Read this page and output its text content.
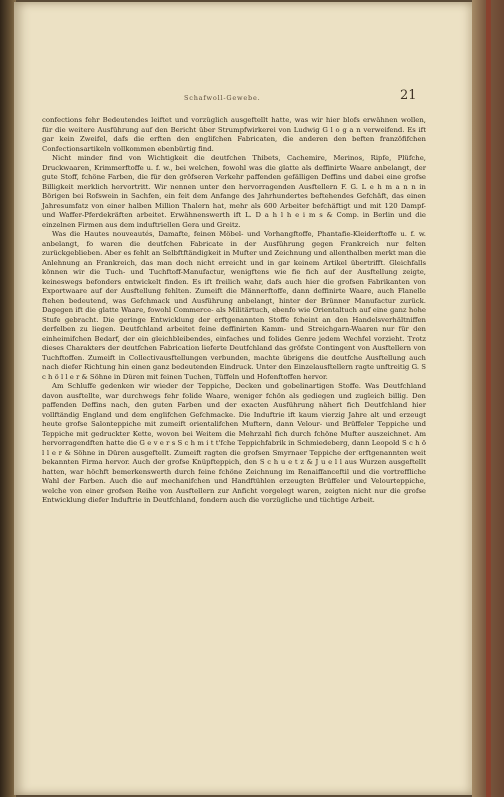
Schafwoll-Gewebe.	21

confections fehr Bedeutendes leiftet und vorzüglich ausgeftellt hatte, was wir hier blofs erwähnen wollen, für die weitere Ausführung auf den Bericht über Strumpfwirkerei von Ludwig G l o g a n verweifend. Es ift gar kein Zweifel, dafs die erften den englifchen Fabricaten, die anderen den beften franzöfifchen Confectionsartikeln vollkommen ebenbürtig find.

Nicht minder find von Wichtigkeit die deutfchen Thibets, Cachemire, Merinos, Ripfe, Plüfche, Druckwaaren, Krimmerftoffe u. f. w., bei welchen, fowohl was die glatte als deffinirte Waare anbelangt, der gute Stoff, fchöne Farben, die für den gröfseren Verkehr paffenden gefälligen Deffins und dabei eine grofse Billigkeit merklich hervortritt. Wir nennen unter den hervorragenden Ausftellern F. G. L e h m a n n in Börigen bei Rofswein in Sachfen, ein feit dem Anfange des Jahrhundertes beftehendes Gefchäft, das einen Jahresumfatz von einer halben Million Thalern hat, mehr als 600 Arbeiter befchäftigt und mit 120 Dampf- und Waffer-Pferdekräften arbeitet. Erwähnenswerth ift L. D a h l h e i m s & Comp. in Berlin und die einzelnen Firmen aus dem induftriellen Gera und Greitz.

Was die Hautes nouveautés, Damafte, feinen Möbel- und Vorhangftoffe, Phantafie-Kleiderftoffe u. f. w. anbelangt, fo waren die deutfchen Fabricate in der Ausführung gegen Frankreich nur felten zurückgeblieben. Aber es fehlt an Selbftftändigkeit in Mufter und Zeichnung und allenthalben merkt man die Anlehnung an Frankreich, das man doch nicht erreicht und in gar keinem Artikel übertrifft. Gleichfalls können wir die Tuch- und Tuchftoff-Manufactur, wenigftens wie fie fich auf der Ausftellung zeigte, keineswegs befonders entwickelt finden. Es ift freilich wahr, dafs auch hier die grofsen Fabrikanten von Exportwaare auf der Ausftellung fehlten. Zumeift die Männerftoffe, dann deffinirte Waare, auch Flanelle ftehen bedeutend, was Gefchmack und Ausführung anbelangt, hinter der Brünner Manufactur zurück. Dagegen ift die glatte Waare, fowohl Commerce- als Militärtuch, ebenfo wie Orientaltuch auf eine ganz hohe Stufe gebracht. Die geringe Entwicklung der erftgenannten Stoffe fcheint an den Handelsverhältniffen derfelben zu liegen. Deutfchland arbeitet feine deffinirten Kamm- und Streichgarn-Waaren nur für den einheimifchen Bedarf, der ein gleichbleibendes, einfaches und folides Genre jedem Wechfel vorzieht. Trotz dieses Charakters der deutfchen Fabrication lieferte Deutfchland das gröfste Contingent von Ausftellern von Tuchftoffen. Zumeift in Collectivausftellungen verbunden, machte übrigens die deutfche Ausftellung auch nach diefer Richtung hin einen ganz bedeutenden Eindruck. Unter den Einzelausftellern ragte unftreitig G. S c h ö l l e r & Söhne in Düren mit feinen Tuchen, Tüffeln und Hofenftoffen hervor.

Am Schluffe gedenken wir wieder der Teppiche, Decken und gobelinartigen Stoffe. Was Deutfchland davon ausftellte, war durchwegs fehr folide Waare, weniger fchön als gediegen und zugleich billig. Den paffenden Deffins nach, den guten Farben und der exacten Ausführung nähert fich Deutfchland hier vollftändig England und dem englifchen Gefchmacke. Die Induftrie ift kaum vierzig Jahre alt und erzeugt heute grofse Salonteppiche mit zumeift orientalifchen Muftern, dann Velour- und Brüffeler Teppiche und Teppiche mit gedruckter Kette, wovon bei Weitem die Mehrzahl fich durch fchöne Mufter auszeichnet. Am hervorragendften hatte die G e v e r s S c h m i t t'fche Teppichfabrik in Schmiedeberg, dann Leopold S c h ö l l e r & Söhne in Düren ausgeftellt. Zumeift ragten die grofsen Smyrnaer Teppiche der erftgenannten weit bekannten Firma hervor. Auch der grofse Knüpfteppich, den S c h u e t z & J u e l l aus Wurzen ausgeftellt hatten, war höchft bemerkenswerth durch feine fchöne Zeichnung im Renaiffanceftil und die vortreffliche Wahl der Farben. Auch die auf mechanifchen und Handftühlen erzeugten Brüffeler und Velourteppiche, welche von einer grofsen Reihe von Ausftellern zur Anficht vorgelegt waren, zeigten nicht nur die grofse Entwicklung diefer Induftrie in Deutfchland, fondern auch die vorzügliche und tüchtige Arbeit.
